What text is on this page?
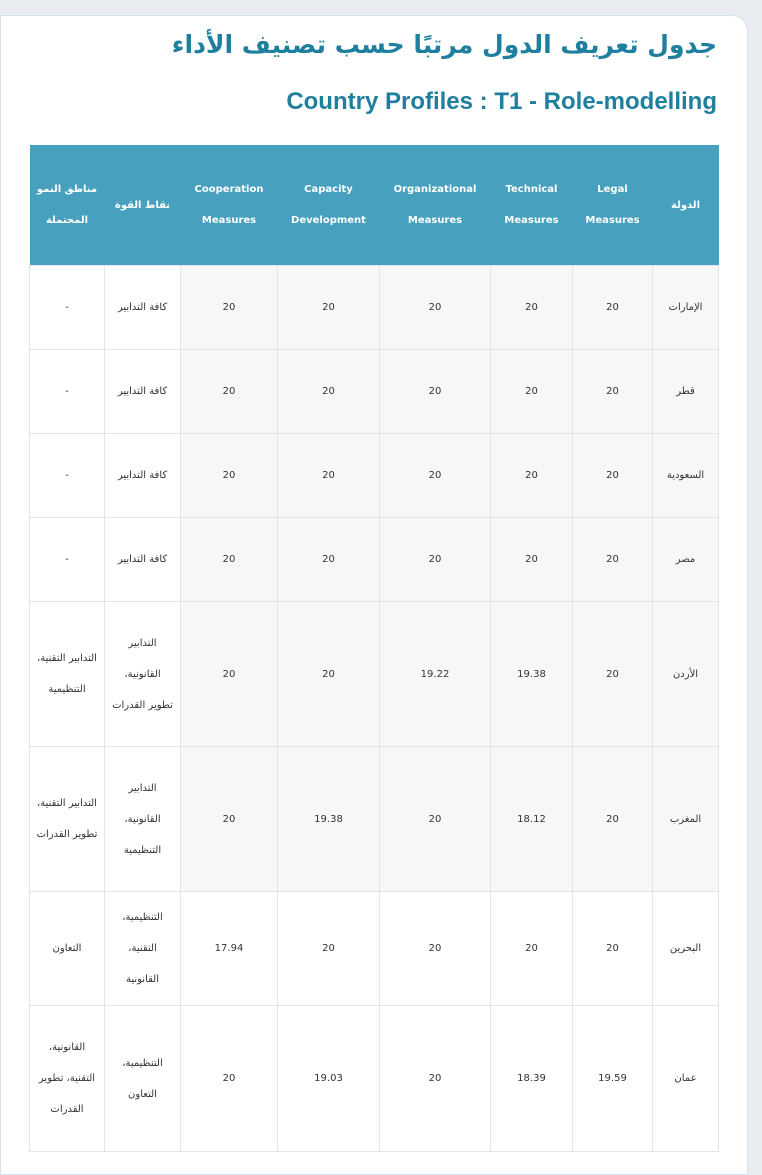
جدول تعريف الدول مرتبًا حسب تصنيف الأداء
Country Profiles : T1 - Role-modelling
الدولة	Legal Measures	Technical Measures	Organizational Measures	Capacity Development	Cooperation Measures	نقاط القوة	مناطق النمو المحتملة
الإمارات	20	20	20	20	20	كافة التدابير	-
قطر	20	20	20	20	20	كافة التدابير	-
السعودية	20	20	20	20	20	كافة التدابير	-
مصر	20	20	20	20	20	كافة التدابير	-
الأردن	20	19.38	19.22	20	20	التدابير القانونية، تطوير القدرات	التدابير التقنية، التنظيمية
المغرب	20	18.12	20	19.38	20	التدابير القانونية، التنظيمية	التدابير التقنية، تطوير القدرات
البحرين	20	20	20	20	17.94	التنظيمية، التقنية، القانونية	التعاون
عمان	19.59	18.39	20	19.03	20	التنظيمية، التعاون	القانونية، التقنية، تطوير القدرات
